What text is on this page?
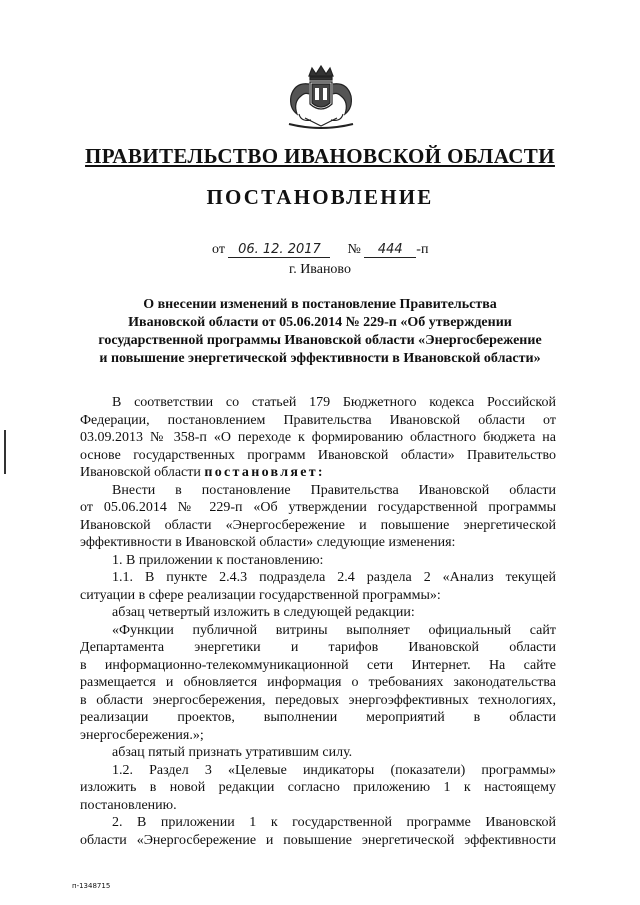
ПРАВИТЕЛЬСТВО ИВАНОВСКОЙ ОБЛАСТИ
ПОСТАНОВЛЕНИЕ
от 06. 12. 2017 № 444 -п
г. Иваново
О внесении изменений в постановление Правительства
Ивановской области от 05.06.2014 № 229-п «Об утверждении
государственной программы Ивановской области «Энергосбережение
и повышение энергетической эффективности в Ивановской области»
В соответствии со статьей 179 Бюджетного кодекса Российской
Федерации, постановлением Правительства Ивановской области от
03.09.2013 № 358-п «О переходе к формированию областного бюджета на
основе государственных программ Ивановской области» Правительство
Ивановской области постановляет:
Внести в постановление Правительства Ивановской области
от 05.06.2014 № 229-п «Об утверждении государственной программы
Ивановской области «Энергосбережение и повышение энергетической
эффективности в Ивановской области» следующие изменения:
1. В приложении к постановлению:
1.1. В пункте 2.4.3 подраздела 2.4 раздела 2 «Анализ текущей
ситуации в сфере реализации государственной программы»:
абзац четвертый изложить в следующей редакции:
«Функции публичной витрины выполняет официальный сайт
Департамента энергетики и тарифов Ивановской области
в информационно-телекоммуникационной сети Интернет. На сайте
размещается и обновляется информация о требованиях законодательства
в области энергосбережения, передовых энергоэффективных технологиях,
реализации проектов, выполнении мероприятий в области
энергосбережения.»;
абзац пятый признать утратившим силу.
1.2. Раздел 3 «Целевые индикаторы (показатели) программы»
изложить в новой редакции согласно приложению 1 к настоящему
постановлению.
2. В приложении 1 к государственной программе Ивановской
области «Энергосбережение и повышение энергетической эффективности
п-1348715
